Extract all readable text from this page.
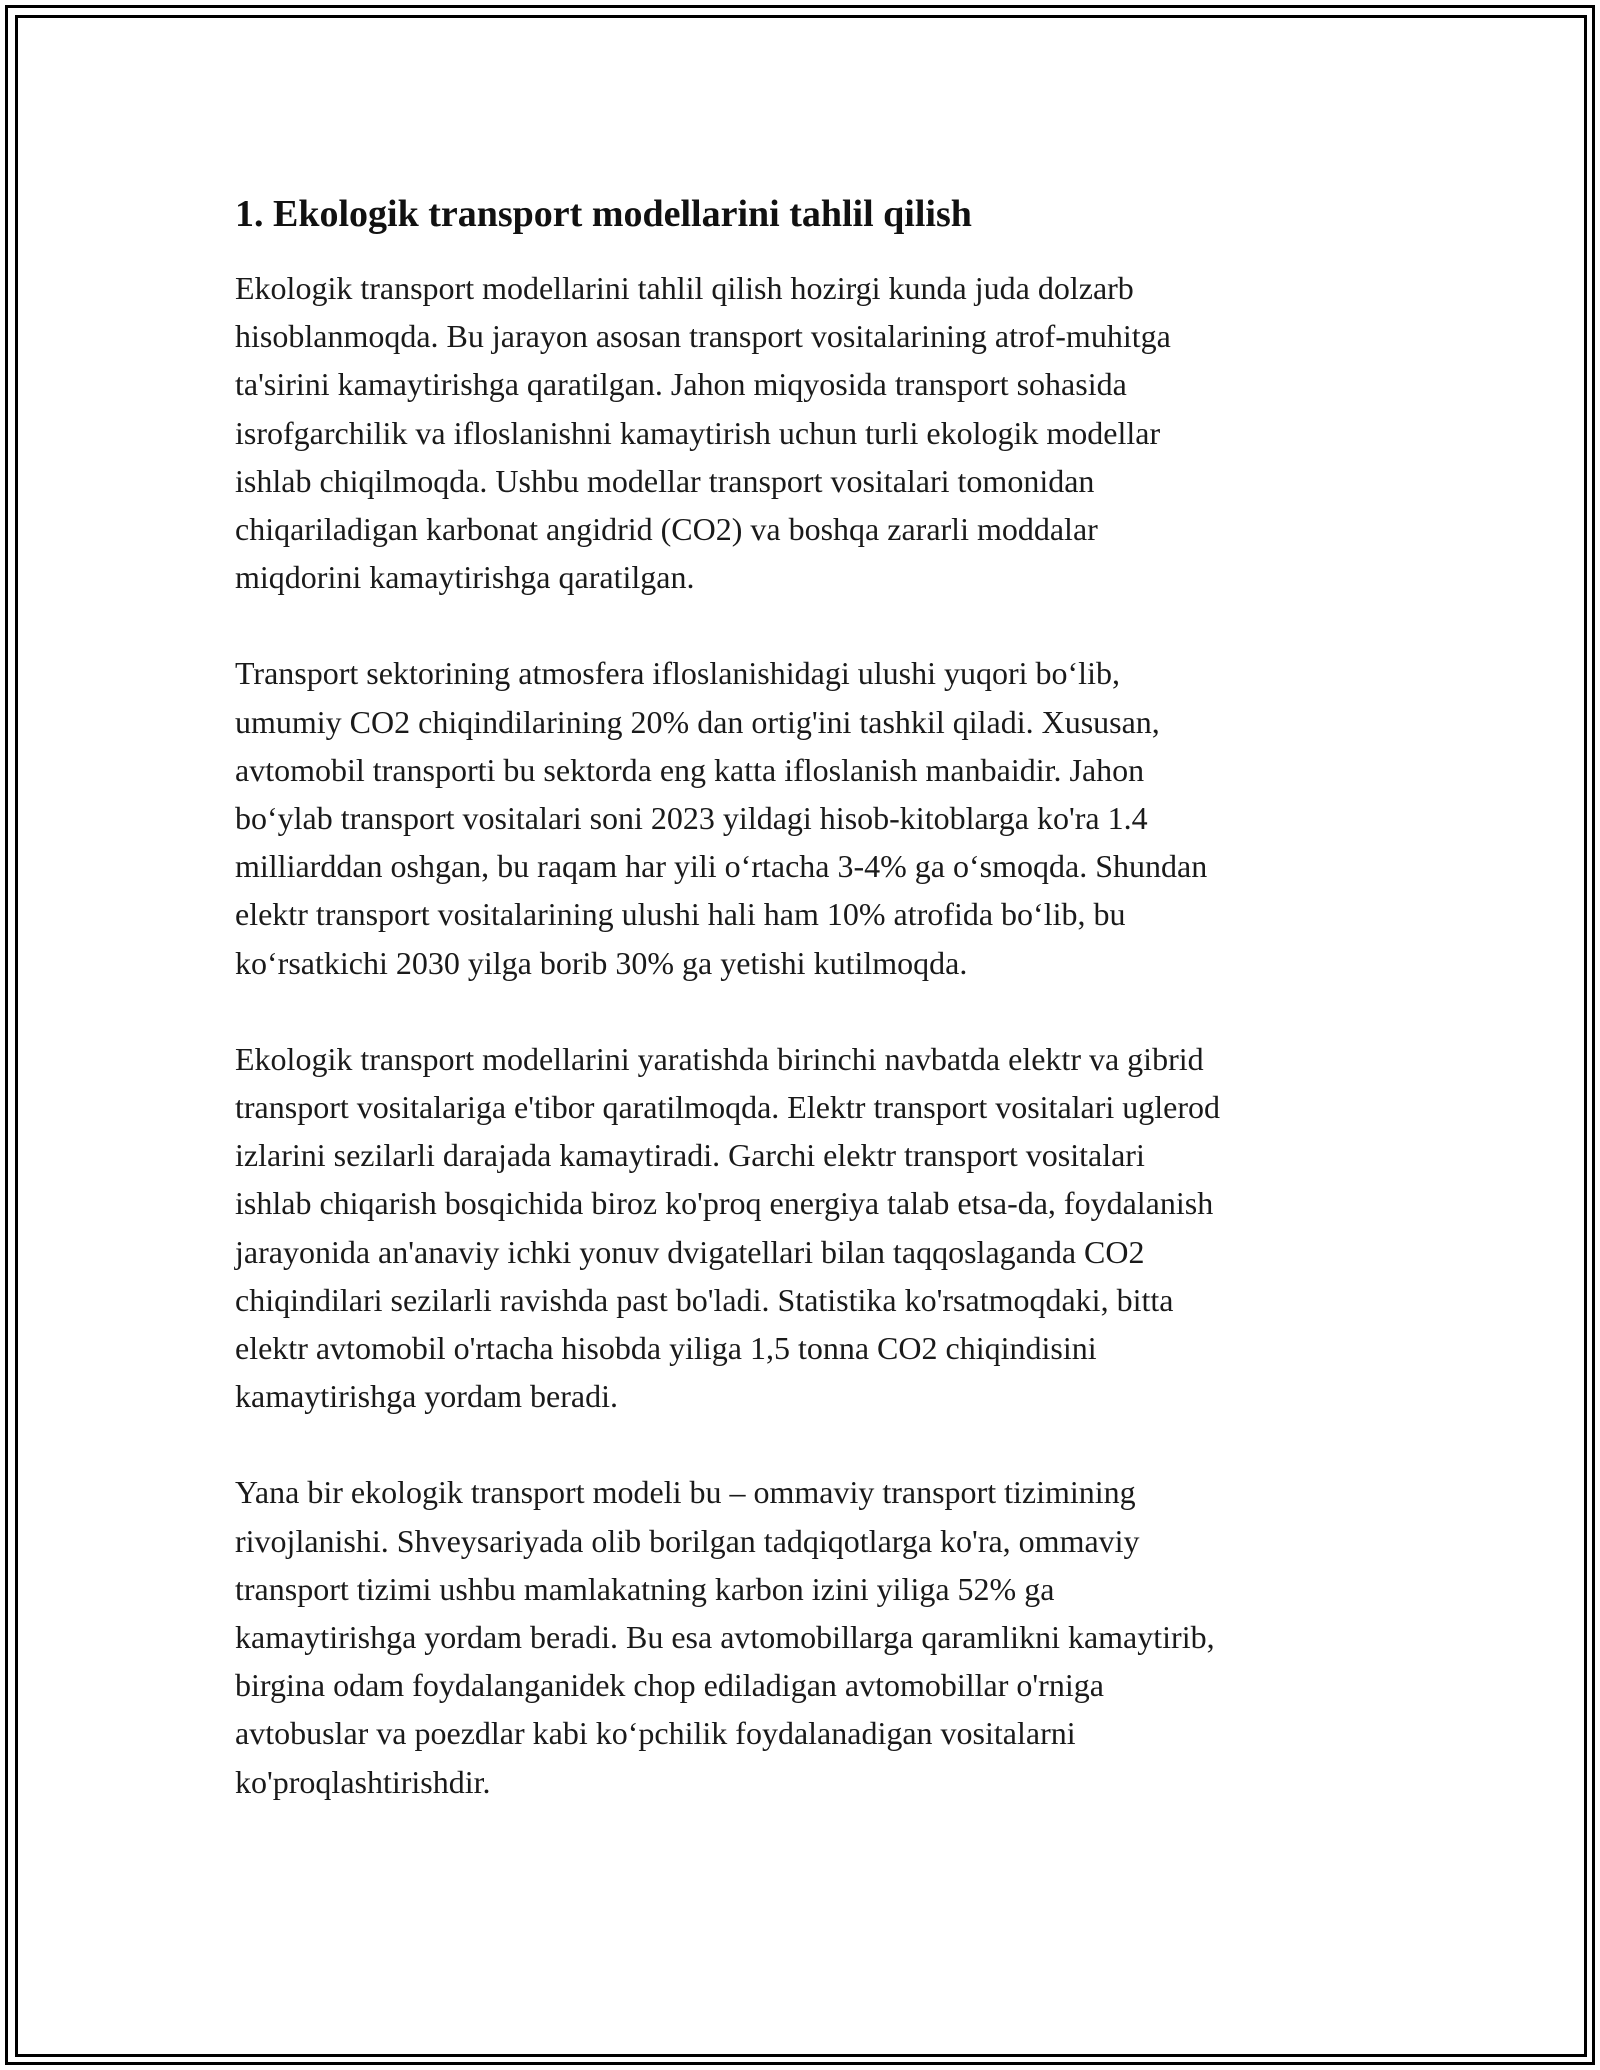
1. Ekologik transport modellarini tahlil qilish

Ekologik transport modellarini tahlil qilish hozirgi kunda juda dolzarb
hisoblanmoqda. Bu jarayon asosan transport vositalarining atrof-muhitga
ta'sirini kamaytirishga qaratilgan. Jahon miqyosida transport sohasida
isrofgarchilik va ifloslanishni kamaytirish uchun turli ekologik modellar
ishlab chiqilmoqda. Ushbu modellar transport vositalari tomonidan
chiqariladigan karbonat angidrid (CO2) va boshqa zararli moddalar
miqdorini kamaytirishga qaratilgan.

Transport sektorining atmosfera ifloslanishidagi ulushi yuqori bo‘lib,
umumiy CO2 chiqindilarining 20% dan ortig'ini tashkil qiladi. Xususan,
avtomobil transporti bu sektorda eng katta ifloslanish manbaidir. Jahon
bo‘ylab transport vositalari soni 2023 yildagi hisob-kitoblarga ko'ra 1.4
milliarddan oshgan, bu raqam har yili o‘rtacha 3-4% ga o‘smoqda. Shundan
elektr transport vositalarining ulushi hali ham 10% atrofida bo‘lib, bu
ko‘rsatkichi 2030 yilga borib 30% ga yetishi kutilmoqda.

Ekologik transport modellarini yaratishda birinchi navbatda elektr va gibrid
transport vositalariga e'tibor qaratilmoqda. Elektr transport vositalari uglerod
izlarini sezilarli darajada kamaytiradi. Garchi elektr transport vositalari
ishlab chiqarish bosqichida biroz ko'proq energiya talab etsa-da, foydalanish
jarayonida an'anaviy ichki yonuv dvigatellari bilan taqqoslaganda CO2
chiqindilari sezilarli ravishda past bo'ladi. Statistika ko'rsatmoqdaki, bitta
elektr avtomobil o'rtacha hisobda yiliga 1,5 tonna CO2 chiqindisini
kamaytirishga yordam beradi.

Yana bir ekologik transport modeli bu – ommaviy transport tizimining
rivojlanishi. Shveysariyada olib borilgan tadqiqotlarga ko'ra, ommaviy
transport tizimi ushbu mamlakatning karbon izini yiliga 52% ga
kamaytirishga yordam beradi. Bu esa avtomobillarga qaramlikni kamaytirib,
birgina odam foydalanganidek chop ediladigan avtomobillar o'rniga
avtobuslar va poezdlar kabi ko‘pchilik foydalanadigan vositalarni
ko'proqlashtirishdir.
